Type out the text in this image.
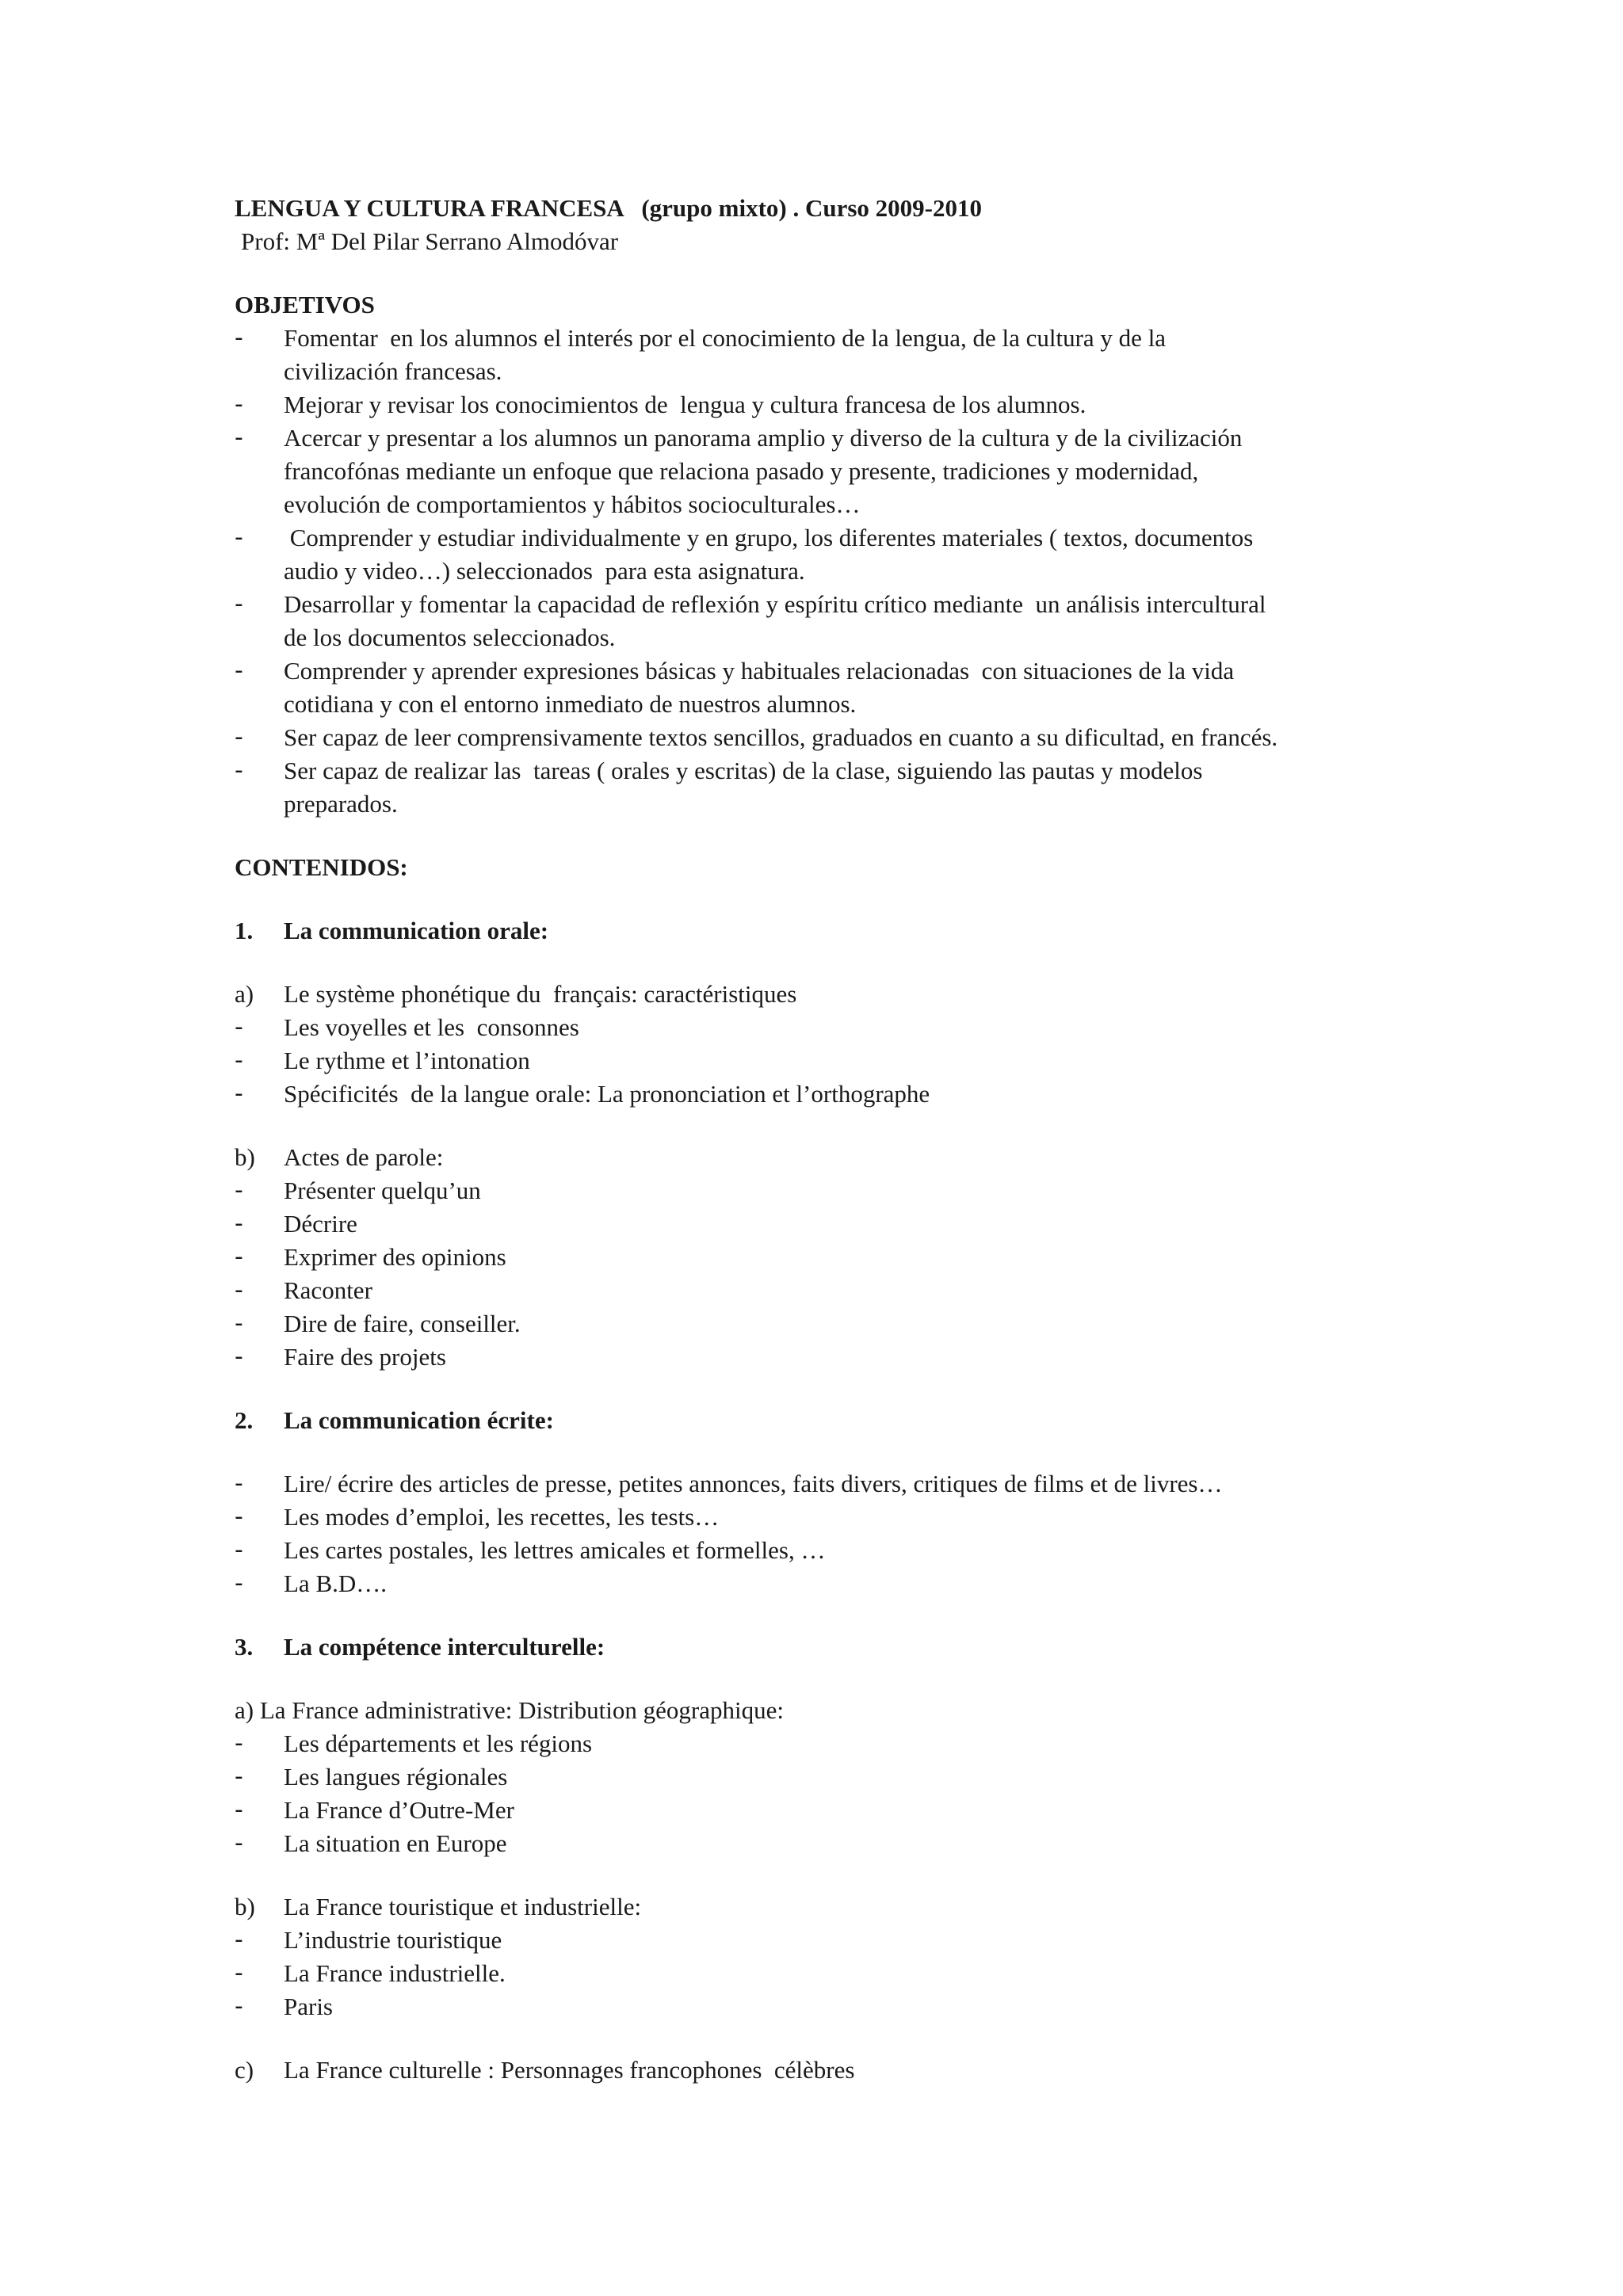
LENGUA Y CULTURA FRANCESA   (grupo mixto) . Curso 2009-2010

Prof: Mª Del Pilar Serrano Almodóvar

OBJETIVOS

-	Fomentar  en los alumnos el interés por el conocimiento de la lengua, de la cultura y de la
civilización francesas.
-	Mejorar y revisar los conocimientos de  lengua y cultura francesa de los alumnos.
-	Acercar y presentar a los alumnos un panorama amplio y diverso de la cultura y de la civilización
francofónas mediante un enfoque que relaciona pasado y presente, tradiciones y modernidad,
evolución de comportamientos y hábitos socioculturales…
-	Comprender y estudiar individualmente y en grupo, los diferentes materiales ( textos, documentos
audio y video…) seleccionados  para esta asignatura.
-	Desarrollar y fomentar la capacidad de reflexión y espíritu crítico mediante  un análisis intercultural
de los documentos seleccionados.
-	Comprender y aprender expresiones básicas y habituales relacionadas  con situaciones de la vida
cotidiana y con el entorno inmediato de nuestros alumnos.
-	Ser capaz de leer comprensivamente textos sencillos, graduados en cuanto a su dificultad, en francés.
-	Ser capaz de realizar las  tareas ( orales y escritas) de la clase, siguiendo las pautas y modelos
preparados.

CONTENIDOS:

1.	La communication orale:
a)	Le système phonétique du  français: caractéristiques
-	Les voyelles et les  consonnes
-	Le rythme et l’intonation
-	Spécificités  de la langue orale: La prononciation et l’orthographe
b)	Actes de parole:
-	Présenter quelqu’un
-	Décrire
-	Exprimer des opinions
-	Raconter
-	Dire de faire, conseiller.
-	Faire des projets
2.	La communication écrite:
-	Lire/ écrire des articles de presse, petites annonces, faits divers, critiques de films et de livres…
-	Les modes d’emploi, les recettes, les tests…
-	Les cartes postales, les lettres amicales et formelles, …
-	La B.D….
3.	La compétence interculturelle:

a) La France administrative: Distribution géographique:

-	Les départements et les régions
-	Les langues régionales
-	La France d’Outre-Mer
-	La situation en Europe
b)	La France touristique et industrielle:
-	L’industrie touristique
-	La France industrielle.
-	Paris
c)	La France culturelle : Personnages francophones  célèbres
